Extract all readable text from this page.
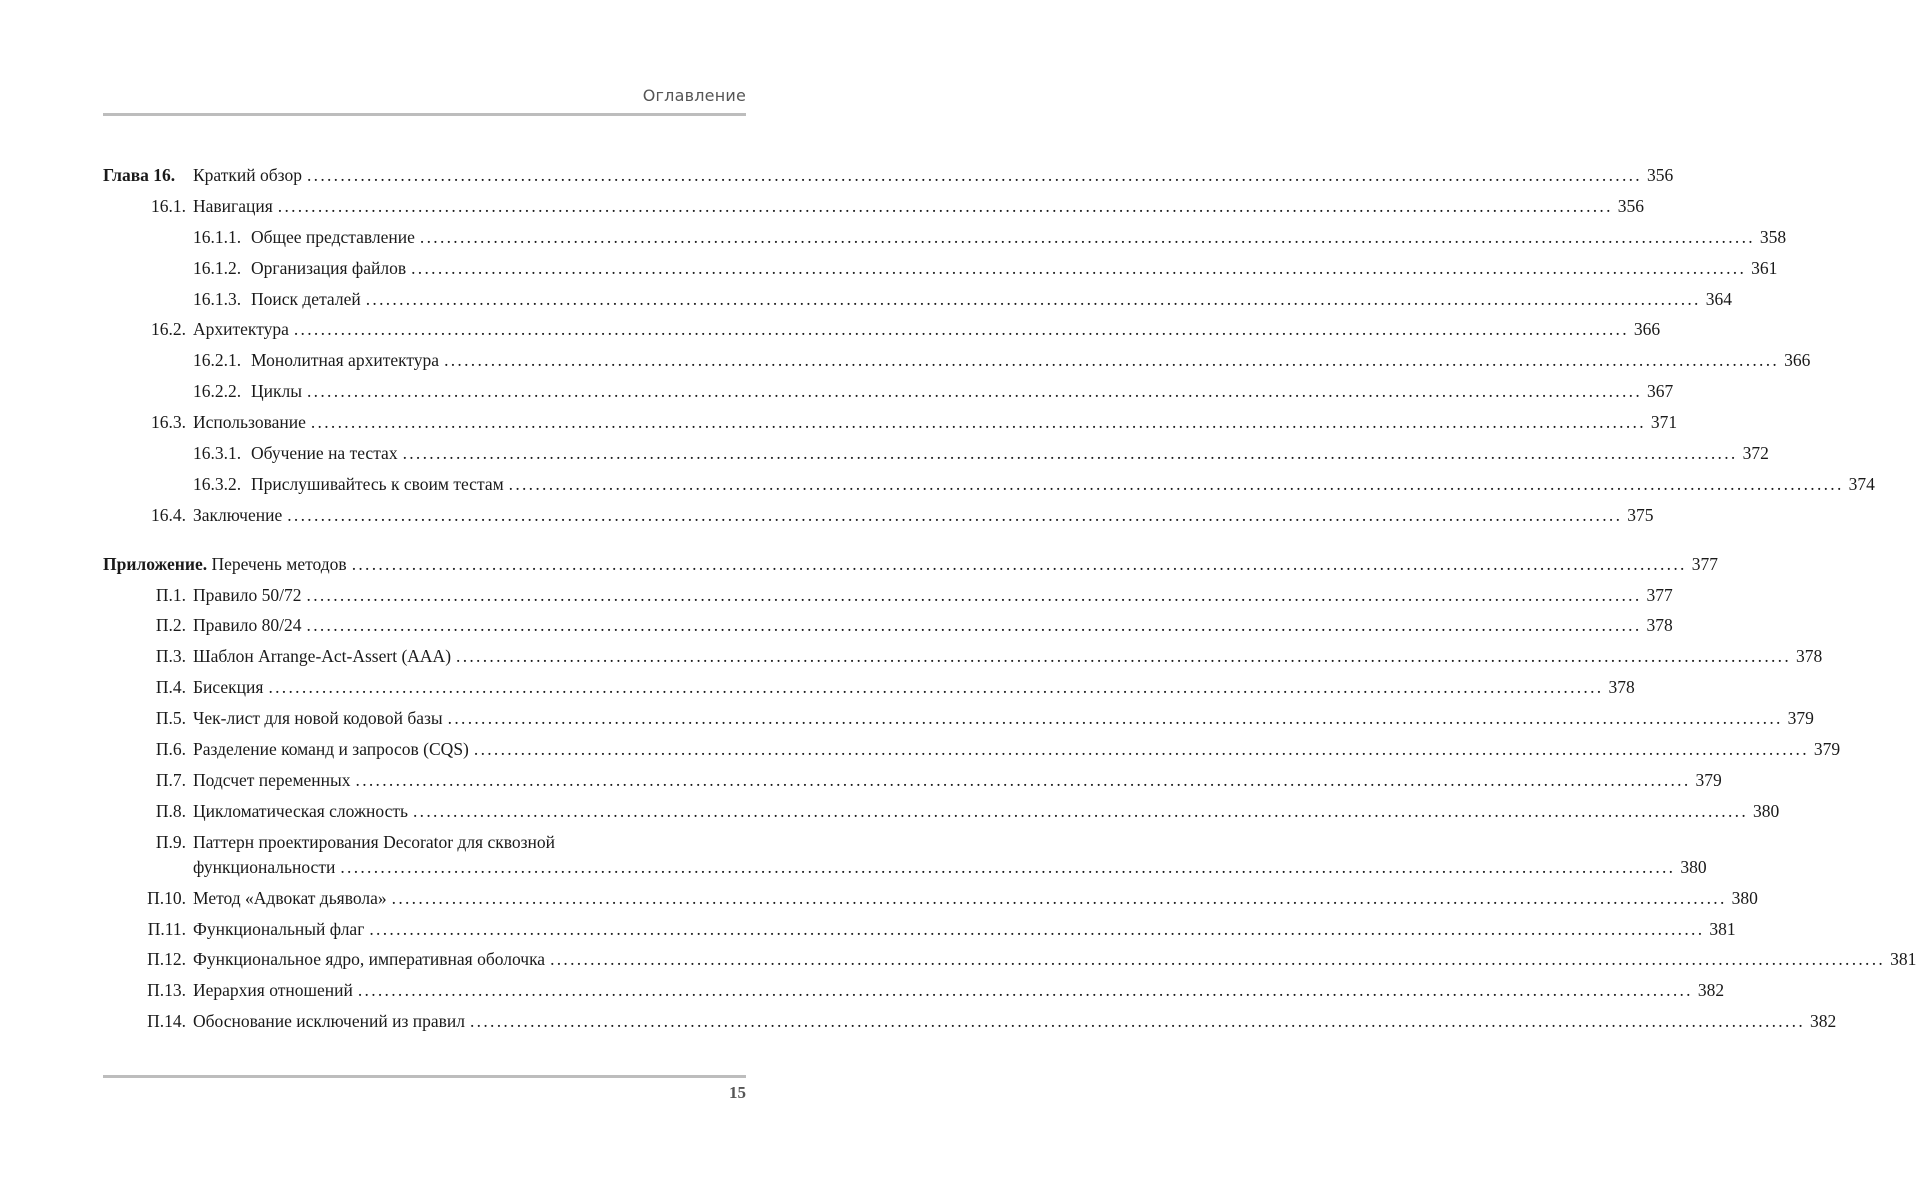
Оглавление
Глава 16. Краткий обзор ........................................................................................................................................................................................................ 356
16.1. Навигация ........................................................................................................................................................................................................ 356
16.1.1. Общее представление ........................................................................................................................................................................................................ 358
16.1.2. Организация файлов ........................................................................................................................................................................................................ 361
16.1.3. Поиск деталей ........................................................................................................................................................................................................ 364
16.2. Архитектура ........................................................................................................................................................................................................ 366
16.2.1. Монолитная архитектура ........................................................................................................................................................................................................ 366
16.2.2. Циклы ........................................................................................................................................................................................................ 367
16.3. Использование ........................................................................................................................................................................................................ 371
16.3.1. Обучение на тестах ........................................................................................................................................................................................................ 372
16.3.2. Прислушивайтесь к своим тестам ........................................................................................................................................................................................................ 374
16.4. Заключение ........................................................................................................................................................................................................ 375
Приложение. Перечень методов ........................................................................................................................................................................................................ 377
П.1. Правило 50/72 ........................................................................................................................................................................................................ 377
П.2. Правило 80/24 ........................................................................................................................................................................................................ 378
П.3. Шаблон Arrange-Act-Assert (AAA) ........................................................................................................................................................................................................ 378
П.4. Бисекция ........................................................................................................................................................................................................ 378
П.5. Чек-лист для новой кодовой базы ........................................................................................................................................................................................................ 379
П.6. Разделение команд и запросов (CQS) ........................................................................................................................................................................................................ 379
П.7. Подсчет переменных ........................................................................................................................................................................................................ 379
П.8. Цикломатическая сложность ........................................................................................................................................................................................................ 380
П.9. Паттерн проектирования Decorator для сквозной
функциональности ........................................................................................................................................................................................................ 380
П.10. Метод «Адвокат дьявола» ........................................................................................................................................................................................................ 380
П.11. Функциональный флаг ........................................................................................................................................................................................................ 381
П.12. Функциональное ядро, императивная оболочка ........................................................................................................................................................................................................ 381
П.13. Иерархия отношений ........................................................................................................................................................................................................ 382
П.14. Обоснование исключений из правил ........................................................................................................................................................................................................ 382
15
